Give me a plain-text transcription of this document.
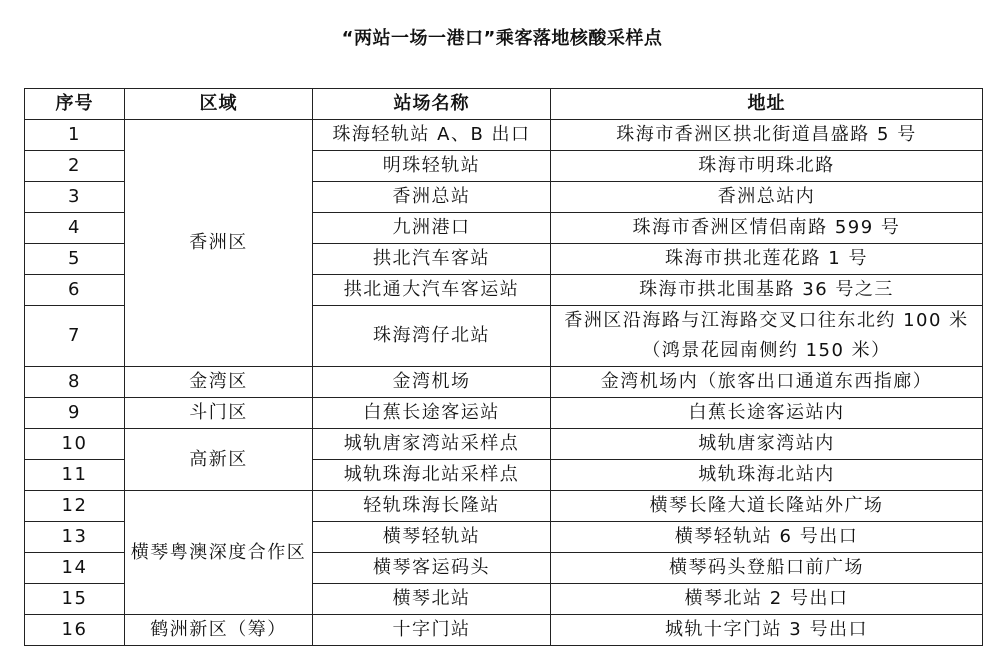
“两站一场一港口”乘客落地核酸采样点
序号	区域	站场名称	地址
1	香洲区	珠海轻轨站 A、B 出口	珠海市香洲区拱北街道昌盛路 5 号
2		明珠轻轨站	珠海市明珠北路
3		香洲总站	香洲总站内
4		九洲港口	珠海市香洲区情侣南路 599 号
5		拱北汽车客站	珠海市拱北莲花路 1 号
6		拱北通大汽车客运站	珠海市拱北围基路 36 号之三
7		珠海湾仔北站	香洲区沿海路与江海路交叉口往东北约 100 米（鸿景花园南侧约 150 米）
8	金湾区	金湾机场	金湾机场内（旅客出口通道东西指廊）
9	斗门区	白蕉长途客运站	白蕉长途客运站内
10	高新区	城轨唐家湾站采样点	城轨唐家湾站内
11		城轨珠海北站采样点	城轨珠海北站内
12	横琴粤澳深度合作区	轻轨珠海长隆站	横琴长隆大道长隆站外广场
13		横琴轻轨站	横琴轻轨站 6 号出口
14		横琴客运码头	横琴码头登船口前广场
15		横琴北站	横琴北站 2 号出口
16	鹤洲新区（筹）	十字门站	城轨十字门站 3 号出口
